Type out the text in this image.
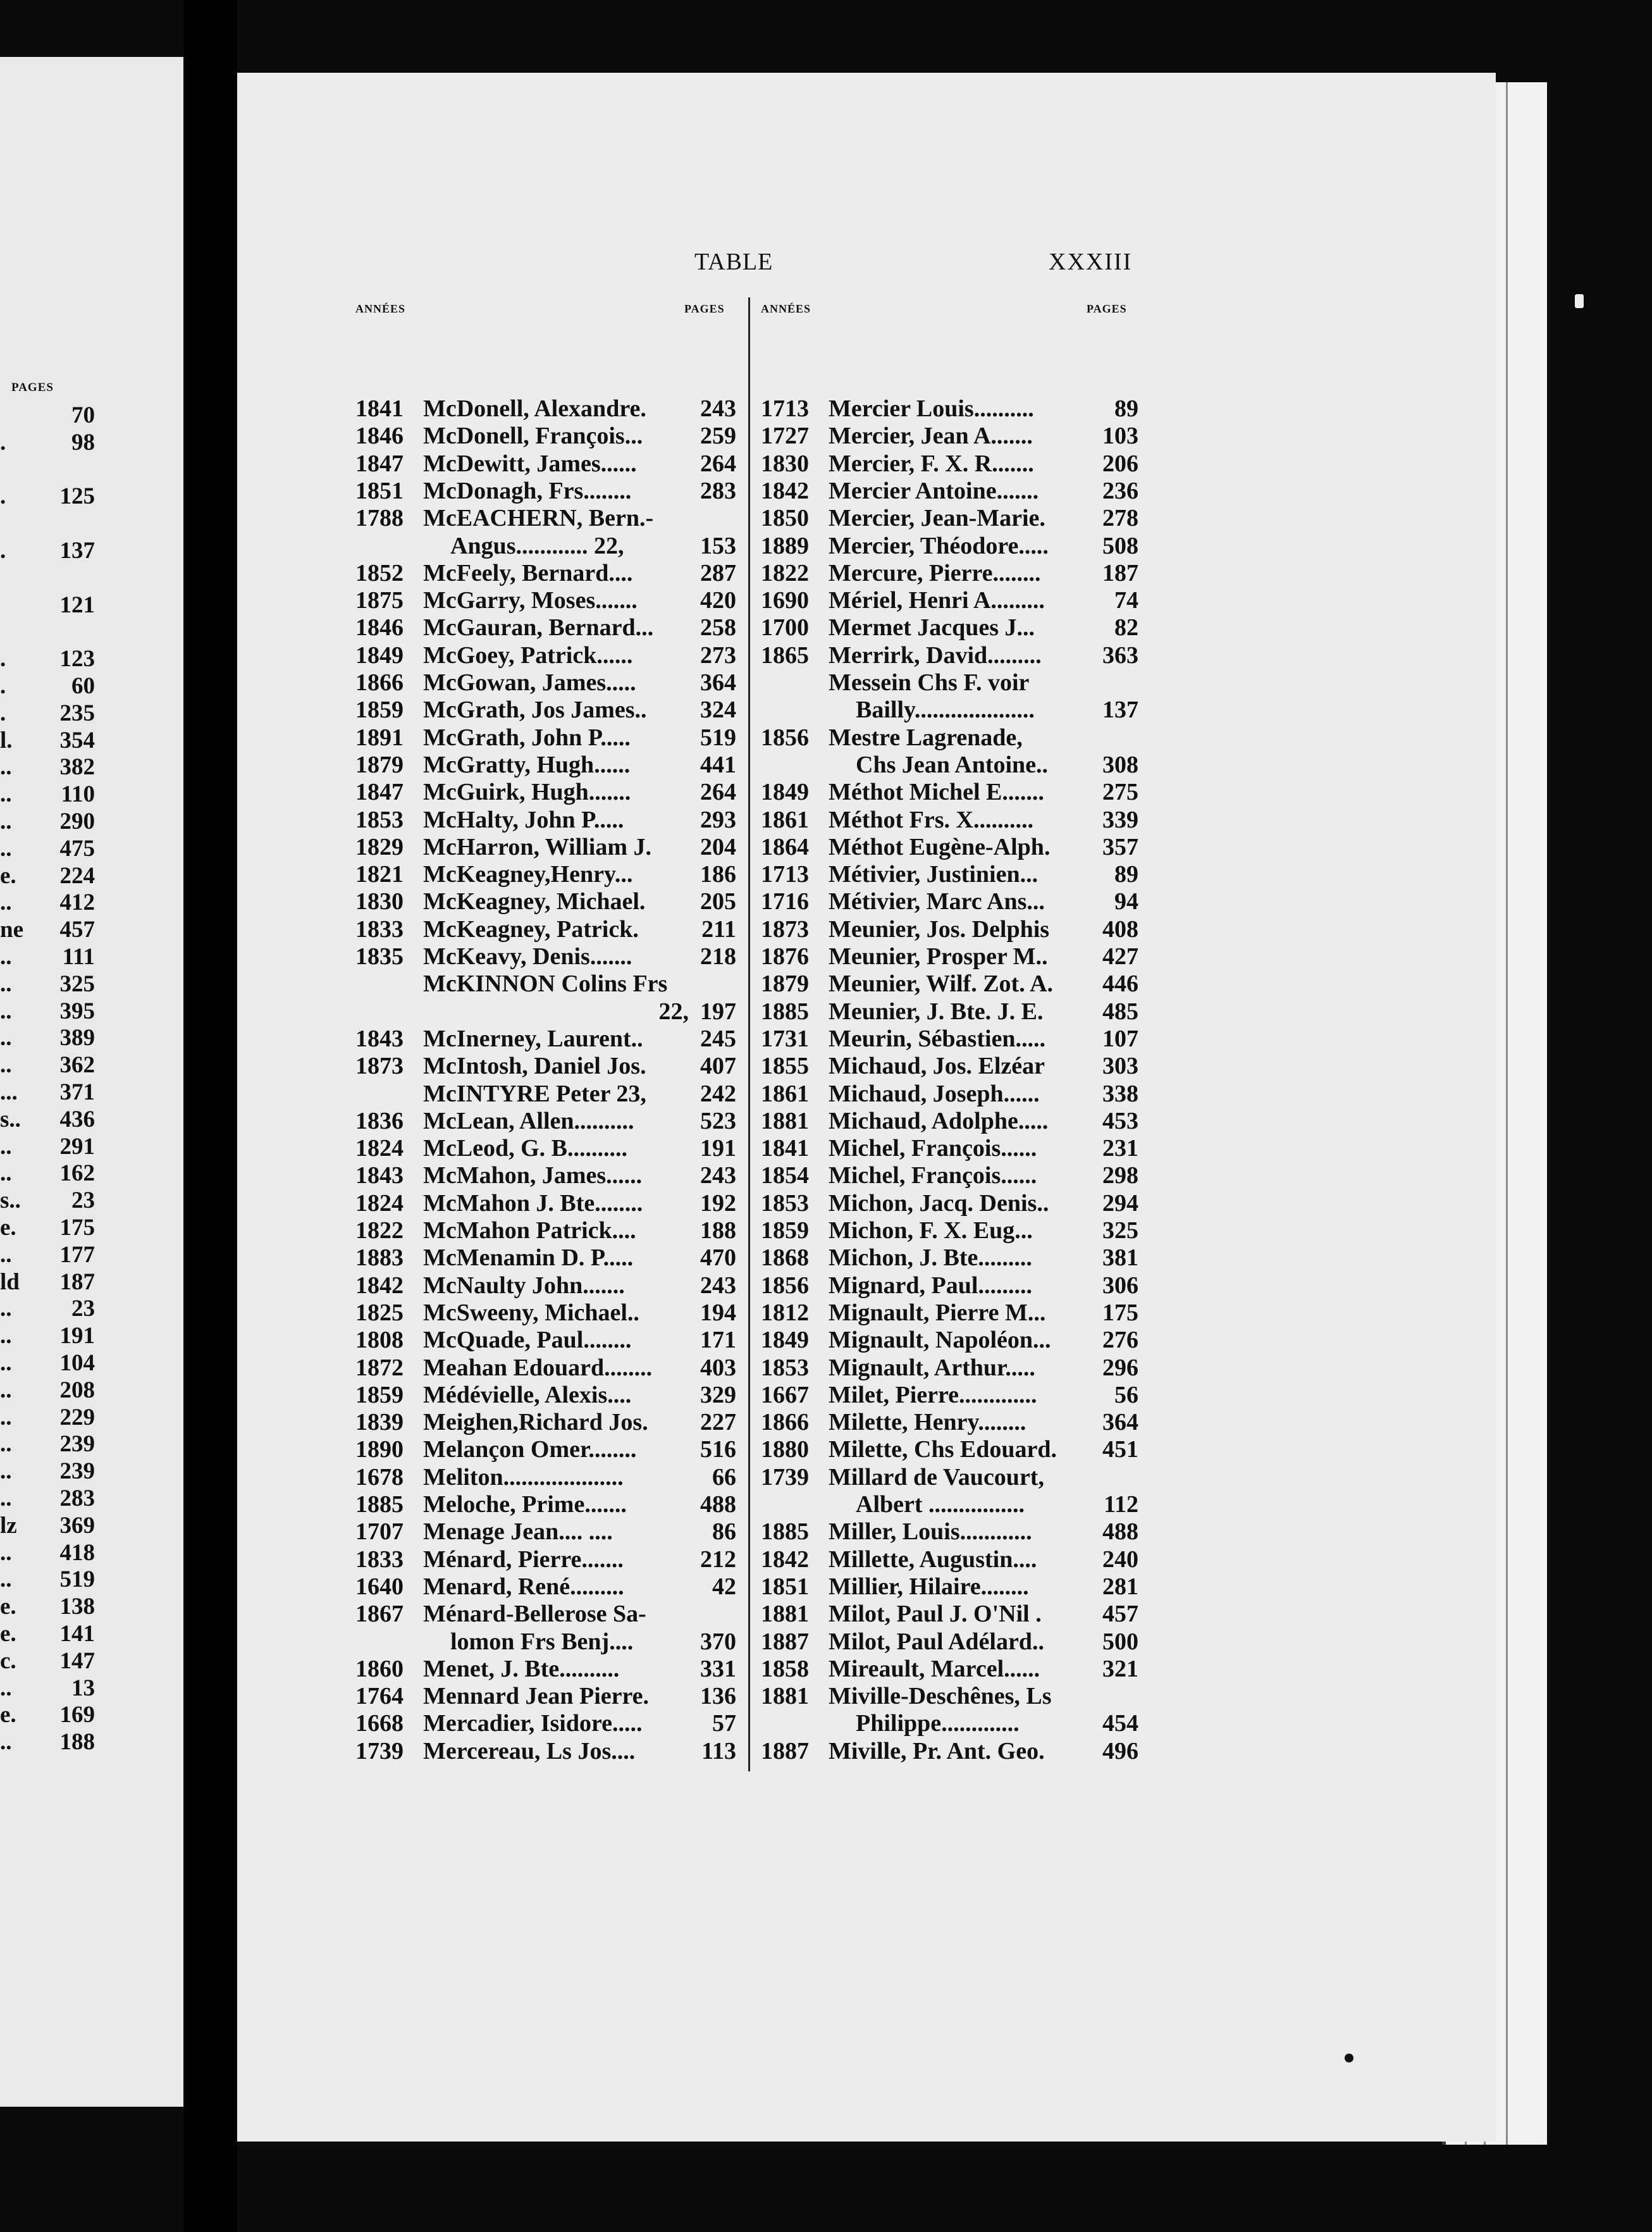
PAGES
70
.	98
. 125
. 137
121
. 123
.	60
. 235
l. 354
.. 382
.. 110
.. 290
.. 475
e. 224
.. 412
ne 457
.. 111
.. 325
.. 395
.. 389
.. 362
... 371
s.. 436
.. 291
.. 162
s.. 23
e. 175
.. 177
ld 187
..	23
.. 191
.. 104
.. 208
.. 229
.. 239
.. 239
.. 283
lz 369
.. 418
.. 519
e. 138
e. 141
c. 147
..	13
e. 169
.. 188
TABLE	XXXIII
ANNÉES	PAGES	ANNÉES	PAGES
1841 McDonell, Alexandre. 243
1846 McDonell, François... 259
1847 McDewitt, James......	264
1851 McDonagh, Frs........	283
1788 McEACHERN, Bern.-
Angus............ 22,	153
1852 McFeely, Bernard....	287
1875 McGarry, Moses.......	420
1846 McGauran, Bernard... 258
1849 McGoey, Patrick......	273
1866 McGowan, James.....	364
1859 McGrath, Jos James.. 324
1891 McGrath, John P.....	519
1879 McGratty, Hugh......	441
1847 McGuirk, Hugh.......	264
1853 McHalty, John P.....	293
1829 McHarron, William J. 204
1821 McKeagney,Henry...	186
1830 McKeagney, Michael. 205
1833 McKeagney, Patrick.	211
1835 McKeavy, Denis.......	218
McKINNON Colins Frs
22, 197
1843 McInerney, Laurent.. 245
1873 McIntosh, Daniel Jos. 407
McINTYRE Peter 23, 242
1836 McLean, Allen..........	523
1824 McLeod, G. B..........	191
1843 McMahon, James...... 243
1824 McMahon J. Bte........ 192
1822 McMahon Patrick....	188
1883 McMenamin D. P.....	470
1842 McNaulty John.......	243
1825 McSweeny, Michael..	194
1808 McQuade, Paul........	171
1872 Meahan Edouard........ 403
1859 Médévielle, Alexis....	329
1839 Meighen,Richard Jos. 227
1890 Melançon Omer........	516
1678 Meliton....................	66
1885 Meloche, Prime.......	488
1707 Menage Jean.... ....	86
1833 Ménard, Pierre.......	212
1640 Menard, René.........	42
1867 Ménard-Bellerose Sa-
lomon Frs Benj....	370
1860 Menet, J. Bte..........	331
1764 Mennard Jean Pierre. 136
1668 Mercadier, Isidore.....	57
1739 Mercereau, Ls Jos....	113
1713 Mercier Louis..........	89
1727 Mercier, Jean A.......	103
1830 Mercier, F. X. R.......	206
1842 Mercier Antoine.......	236
1850 Mercier, Jean-Marie. 278
1889 Mercier, Théodore..... 508
1822 Mercure, Pierre........	187
1690 Mériel, Henri A.........	74
1700 Mermet Jacques J...	82
1865 Merrirk, David.........	363
Messein Chs F. voir
Bailly....................	137
1856 Mestre Lagrenade,
Chs Jean Antoine.. 308
1849 Méthot Michel E....... 275
1861 Méthot Frs. X..........	339
1864 Méthot Eugène-Alph. 357
1713 Métivier, Justinien...	89
1716 Métivier, Marc Ans...	94
1873 Meunier, Jos. Delphis 408
1876 Meunier, Prosper M.. 427
1879 Meunier, Wilf. Zot. A. 446
1885 Meunier, J. Bte. J. E. 485
1731 Meurin, Sébastien..... 107
1855 Michaud, Jos. Elzéar 303
1861 Michaud, Joseph......	338
1881 Michaud, Adolphe..... 453
1841 Michel, François......	231
1854 Michel, François......	298
1853 Michon, Jacq. Denis.. 294
1859 Michon, F. X. Eug...	325
1868 Michon, J. Bte.........	381
1856 Mignard, Paul.........	306
1812 Mignault, Pierre M... 175
1849 Mignault, Napoléon... 276
1853 Mignault, Arthur.....	296
1667 Milet, Pierre.............	56
1866 Milette, Henry........	364
1880 Milette, Chs Edouard. 451
1739 Millard de Vaucourt,
Albert ................	112
1885 Miller, Louis............	488
1842 Millette, Augustin....	240
1851 Millier, Hilaire........	281
1881 Milot, Paul J. O'Nil .	457
1887 Milot, Paul Adélard.. 500
1858 Mireault, Marcel......	321
1881 Miville-Deschênes, Ls
Philippe.............	454
1887 Miville, Pr. Ant. Geo. 496
